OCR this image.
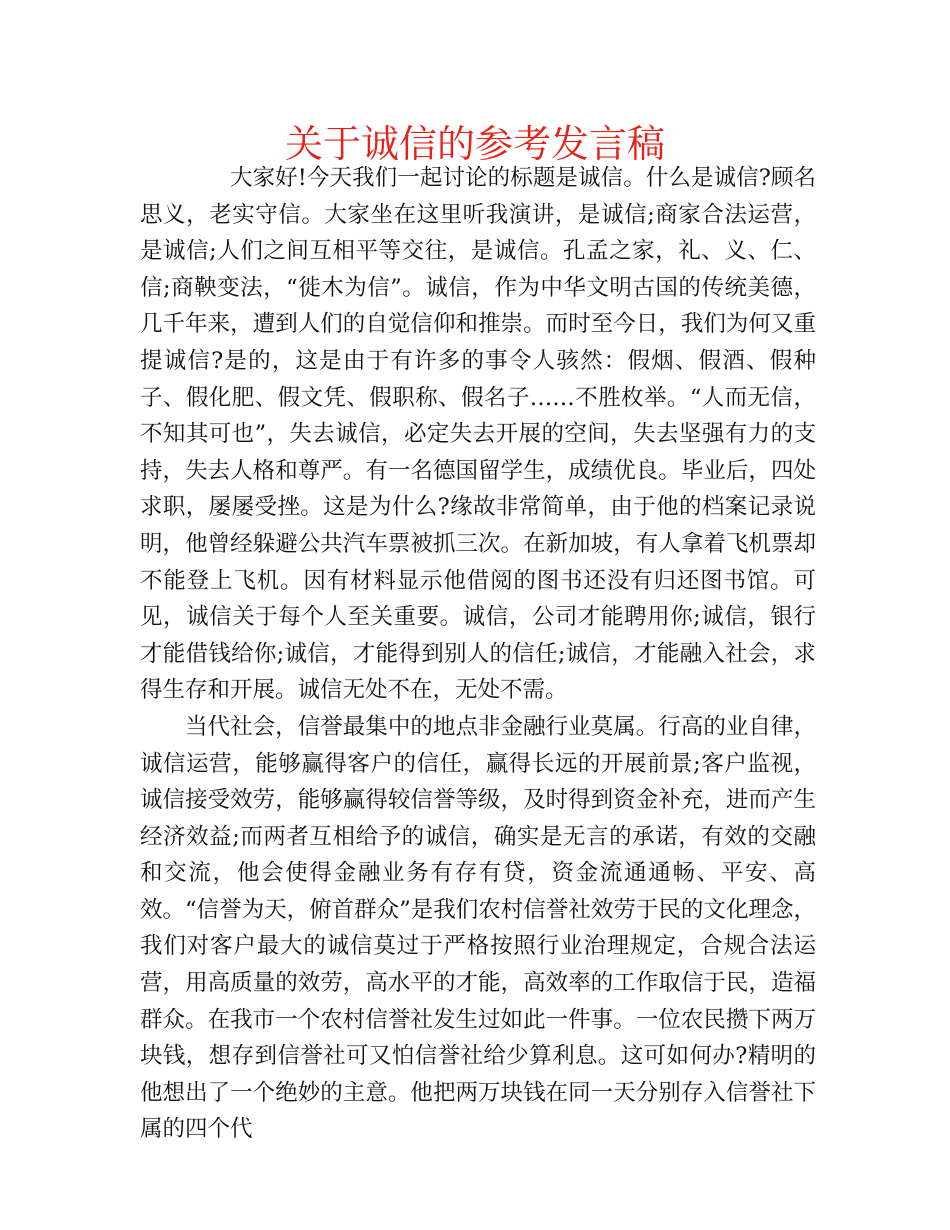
关于诚信的参考发言稿

大家好!今天我们一起讨论的标题是诚信。什么是诚信?顾名思义，老实守信。大家坐在这里听我演讲，是诚信;商家合法运营，是诚信;人们之间互相平等交往，是诚信。孔孟之家，礼、义、仁、信;商鞅变法，“徙木为信”。诚信，作为中华文明古国的传统美德，几千年来，遭到人们的自觉信仰和推崇。而时至今日，我们为何又重提诚信?是的，这是由于有许多的事令人骇然：假烟、假酒、假种子、假化肥、假文凭、假职称、假名子……不胜枚举。“人而无信，不知其可也”，失去诚信，必定失去开展的空间，失去坚强有力的支持，失去人格和尊严。有一名德国留学生，成绩优良。毕业后，四处求职，屡屡受挫。这是为什么?缘故非常简单，由于他的档案记录说明，他曾经躲避公共汽车票被抓三次。在新加坡，有人拿着飞机票却不能登上飞机。因有材料显示他借阅的图书还没有归还图书馆。可见，诚信关于每个人至关重要。诚信，公司才能聘用你;诚信，银行才能借钱给你;诚信，才能得到别人的信任;诚信，才能融入社会，求得生存和开展。诚信无处不在，无处不需。

当代社会，信誉最集中的地点非金融行业莫属。行高的业自律，诚信运营，能够赢得客户的信任，赢得长远的开展前景;客户监视，诚信接受效劳，能够赢得较信誉等级，及时得到资金补充，进而产生经济效益;而两者互相给予的诚信，确实是无言的承诺，有效的交融和交流，他会使得金融业务有存有贷，资金流通通畅、平安、高效。“信誉为天，俯首群众”是我们农村信誉社效劳于民的文化理念，我们对客户最大的诚信莫过于严格按照行业治理规定，合规合法运营，用高质量的效劳，高水平的才能，高效率的工作取信于民，造福群众。在我市一个农村信誉社发生过如此一件事。一位农民攒下两万块钱，想存到信誉社可又怕信誉社给少算利息。这可如何办?精明的他想出了一个绝妙的主意。他把两万块钱在同一天分别存入信誉社下属的四个代
